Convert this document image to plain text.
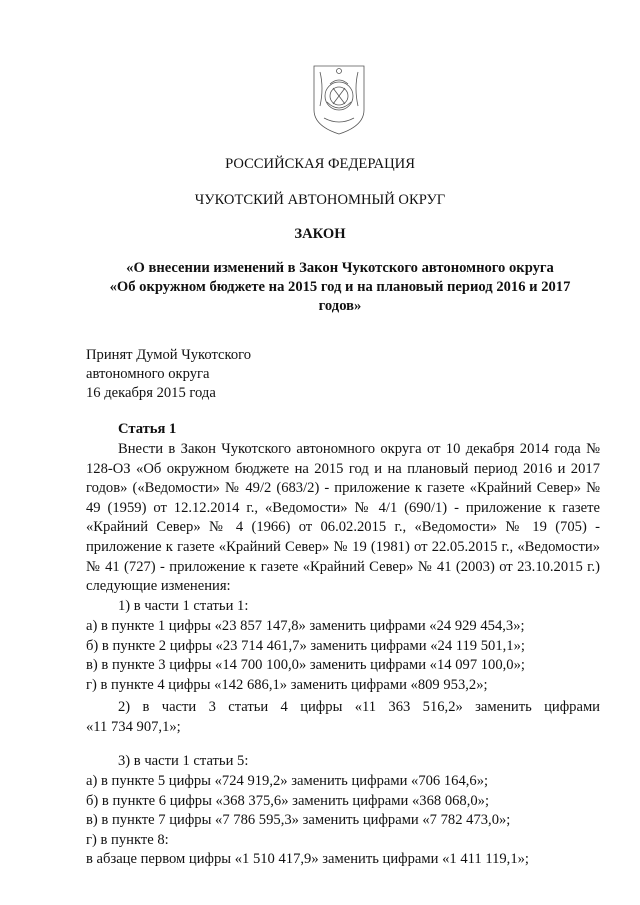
РОССИЙСКАЯ ФЕДЕРАЦИЯ
ЧУКОТСКИЙ АВТОНОМНЫЙ ОКРУГ
ЗАКОН
«О внесении изменений в Закон Чукотского автономного округа
«Об окружном бюджете на 2015 год и на плановый период 2016 и 2017
годов»
Принят Думой Чукотского
автономного округа
16 декабря 2015 года
Статья 1
Внести в Закон Чукотского автономного округа от 10 декабря 2014 года № 128-ОЗ «Об окружном бюджете на 2015 год и на плановый период 2016 и 2017 годов» («Ведомости» № 49/2 (683/2) - приложение к газете «Крайний Север» № 49 (1959) от 12.12.2014 г., «Ведомости» № 4/1 (690/1) - приложение к газете «Крайний Север» № 4 (1966) от 06.02.2015 г., «Ведомости» № 19 (705) - приложение к газете «Крайний Север» № 19 (1981) от 22.05.2015 г., «Ведомости» № 41 (727) - приложение к газете «Крайний Север» № 41 (2003) от 23.10.2015 г.) следующие изменения:
1) в части 1 статьи 1:
а) в пункте 1 цифры «23 857 147,8» заменить цифрами «24 929 454,3»;
б) в пункте 2 цифры «23 714 461,7» заменить цифрами «24 119 501,1»;
в) в пункте 3 цифры «14 700 100,0» заменить цифрами «14 097 100,0»;
г) в пункте 4 цифры «142 686,1» заменить цифрами «809 953,2»;
2) в части 3 статьи 4 цифры «11 363 516,2» заменить цифрами
«11 734 907,1»;
3) в части 1 статьи 5:
а) в пункте 5 цифры «724 919,2» заменить цифрами «706 164,6»;
б) в пункте 6 цифры «368 375,6» заменить цифрами «368 068,0»;
в) в пункте 7 цифры «7 786 595,3» заменить цифрами «7 782 473,0»;
г) в пункте 8:
в абзаце первом цифры «1 510 417,9» заменить цифрами «1 411 119,1»;
